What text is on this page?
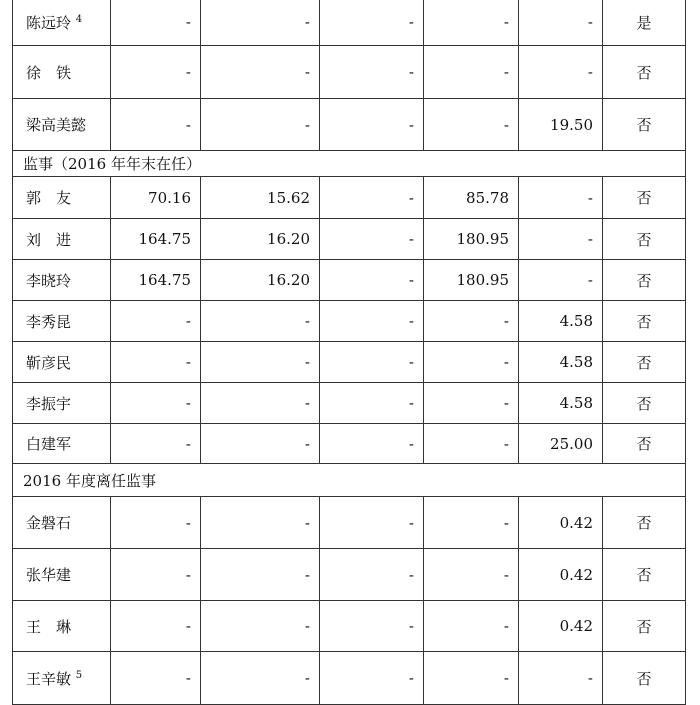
陈远玲 $^4$	-	-	-	-	-	是
徐　铁	-	-	-	-	-	否
梁高美懿	-	-	-	-	19.50	否
监事（2016 年年末在任）						
郭　友	70.16	15.62	-	85.78	-	否
刘　进	164.75	16.20	-	180.95	-	否
李晓玲	164.75	16.20	-	180.95	-	否
李秀昆	-	-	-	-	4.58	否
靳彦民	-	-	-	-	4.58	否
李振宇	-	-	-	-	4.58	否
白建军	-	-	-	-	25.00	否
2016 年度离任监事						
金磐石	-	-	-	-	0.42	否
张华建	-	-	-	-	0.42	否
王　琳	-	-	-	-	0.42	否
王辛敏 $^5$	-	-	-	-	-	否
